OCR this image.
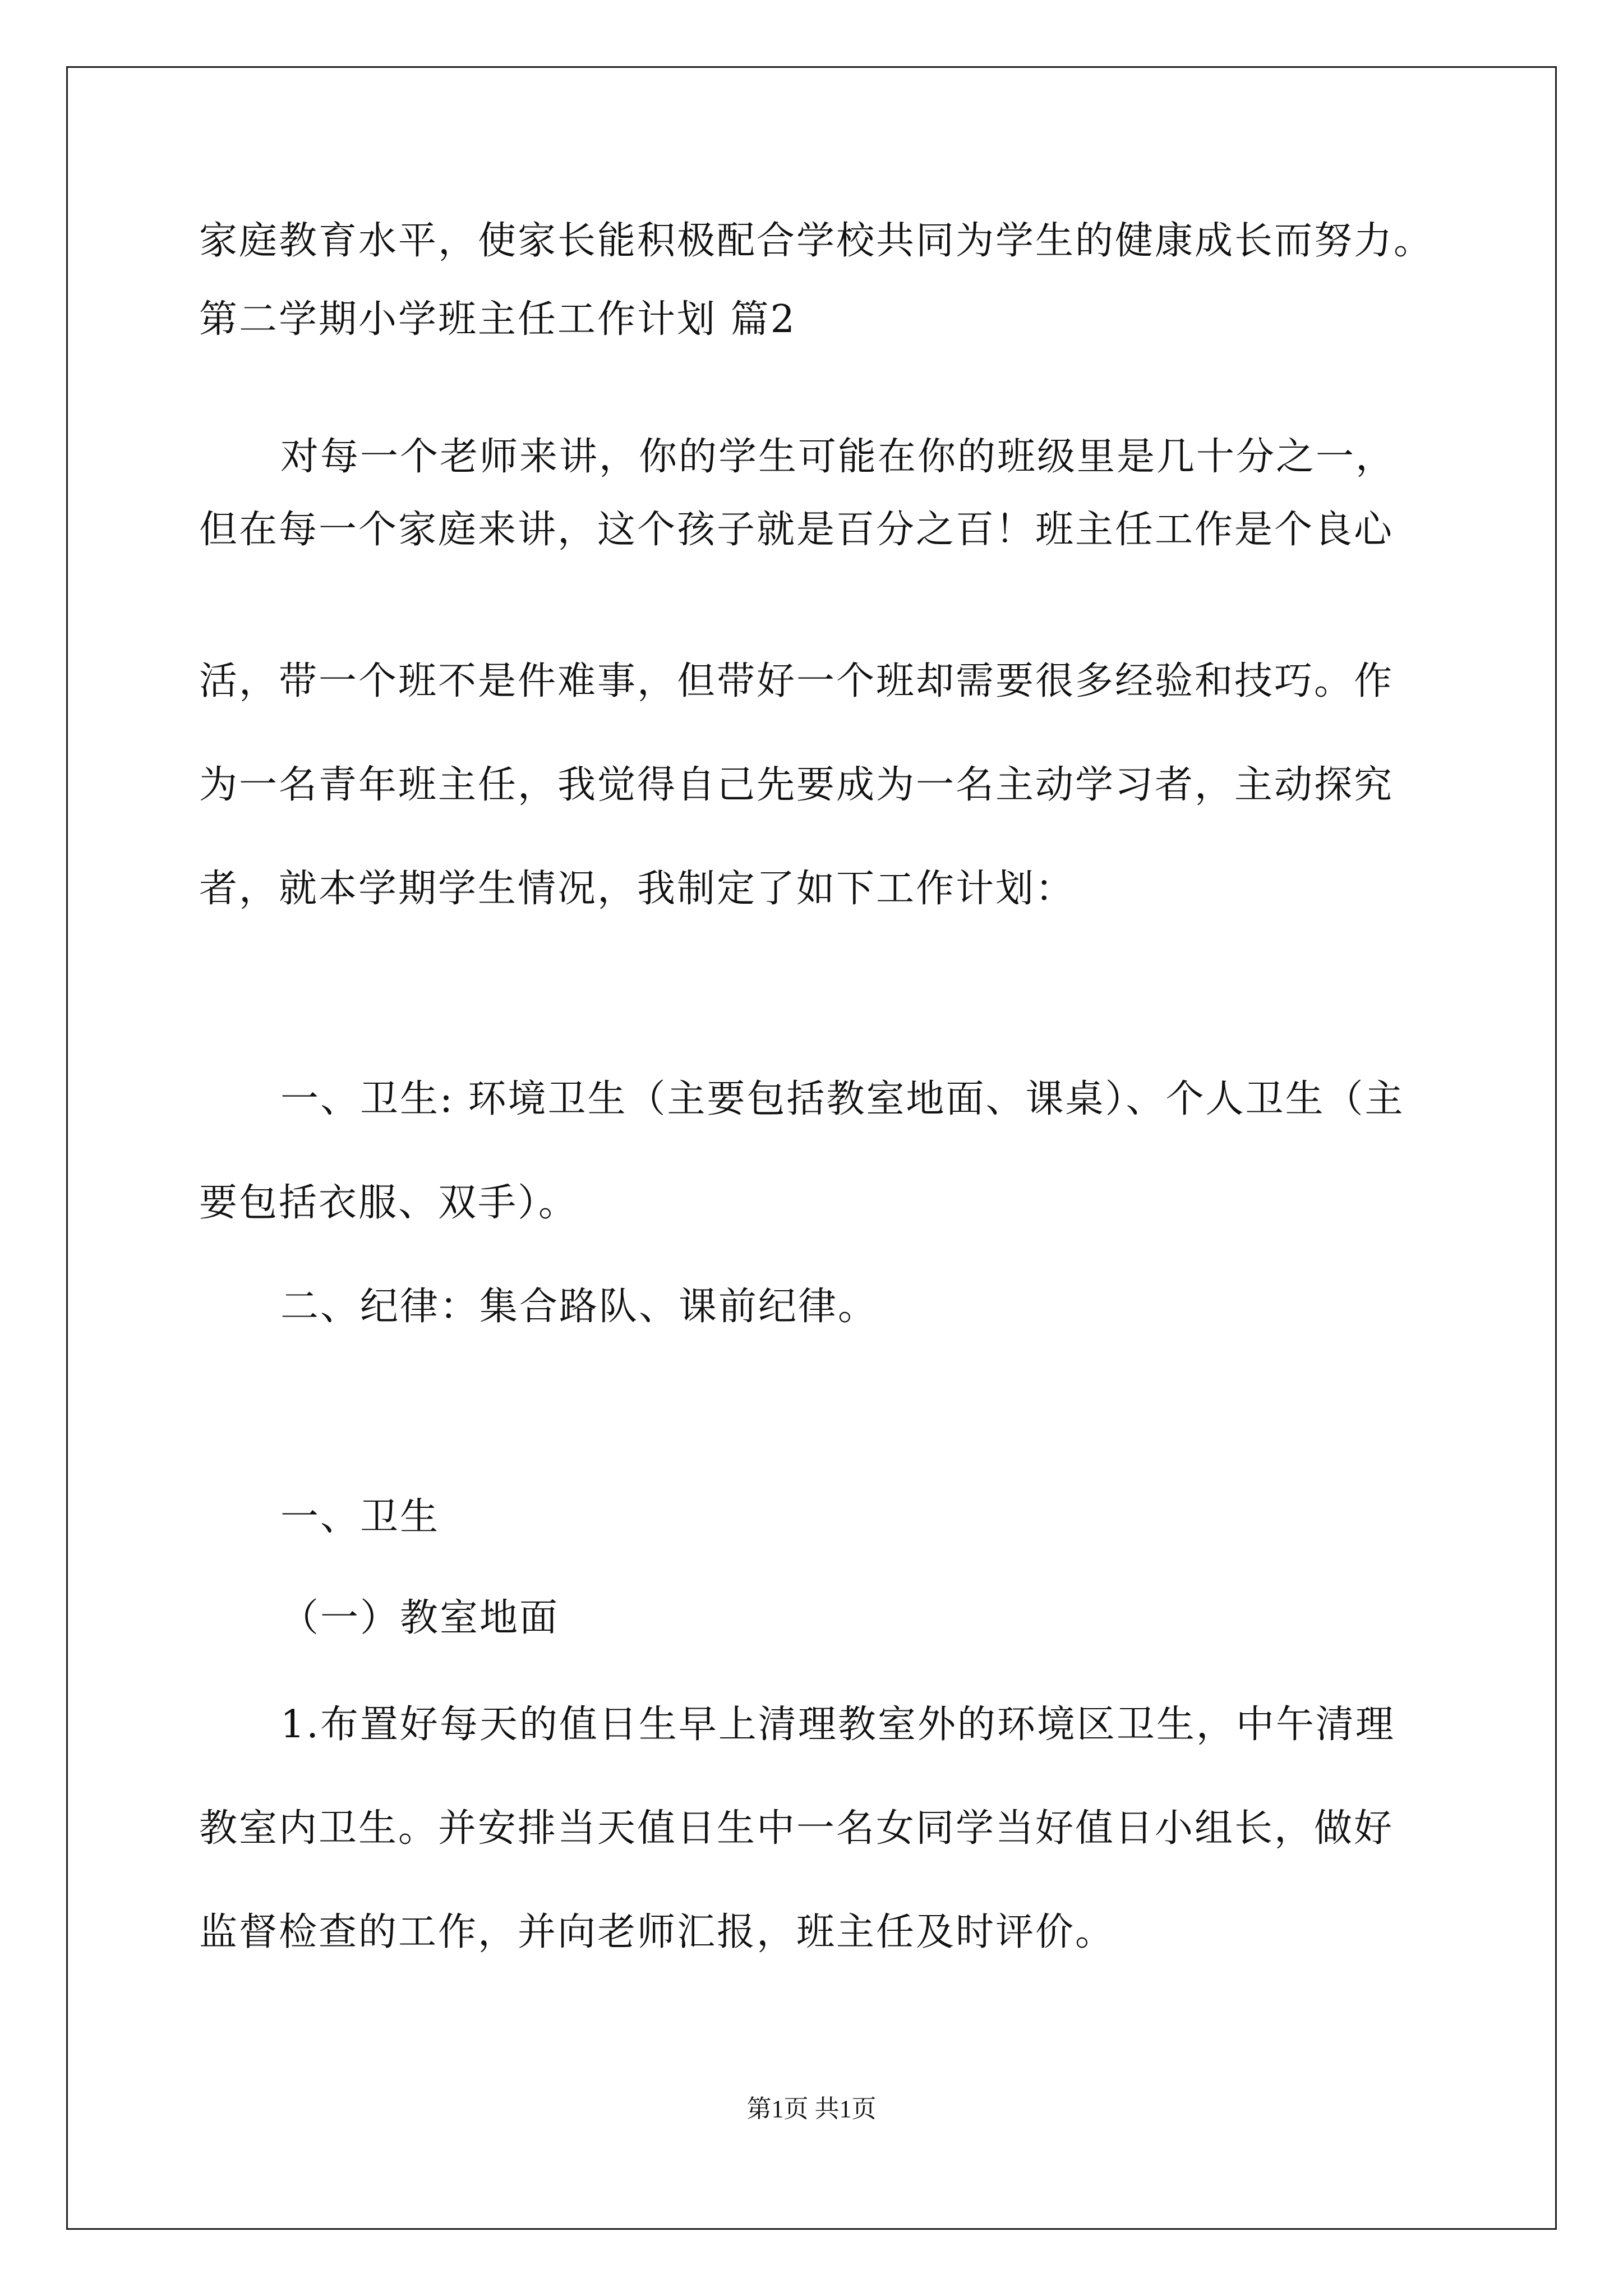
家庭教育水平，使家长能积极配合学校共同为学生的健康成长而努力。

第二学期小学班主任工作计划 篇2

对每一个老师来讲，你的学生可能在你的班级里是几十分之一，

但在每一个家庭来讲，这个孩子就是百分之百！班主任工作是个良心

活，带一个班不是件难事，但带好一个班却需要很多经验和技巧。作

为一名青年班主任，我觉得自己先要成为一名主动学习者，主动探究

者，就本学期学生情况，我制定了如下工作计划：

一、卫生: 环境卫生（主要包括教室地面、课桌）、个人卫生（主

要包括衣服、双手）。

二、纪律：集合路队、课前纪律。

一、卫生

（一）教室地面

1.布置好每天的值日生早上清理教室外的环境区卫生，中午清理

教室内卫生。并安排当天值日生中一名女同学当好值日小组长，做好

监督检查的工作，并向老师汇报，班主任及时评价。

第1页 共1页
